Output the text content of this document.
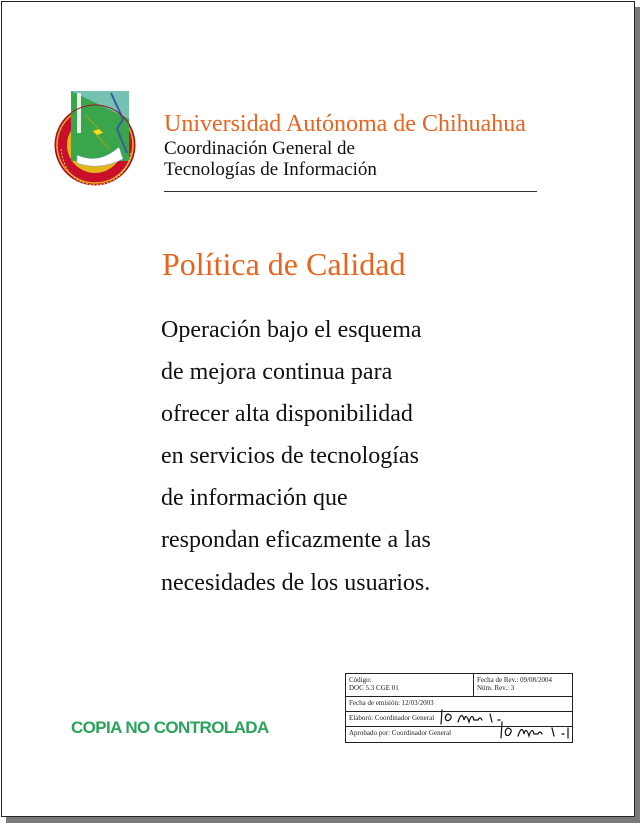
Universidad Autónoma de Chihuahua
Coordinación General de
Tecnologías de Información
Política de Calidad
Operación bajo el esquema
de mejora continua para
ofrecer alta disponibilidad
en servicios de tecnologías
de información que
respondan eficazmente a las
necesidades de los usuarios.
COPIA NO CONTROLADA
Código:
DOC 5.3 CGE 01
Fecha de Rev.: 09/08/2004
Núm. Rev.: 3
Fecha de emisión: 12/03/2003
Elaboró: Coordinador General
Aprobado por: Coordinador General
